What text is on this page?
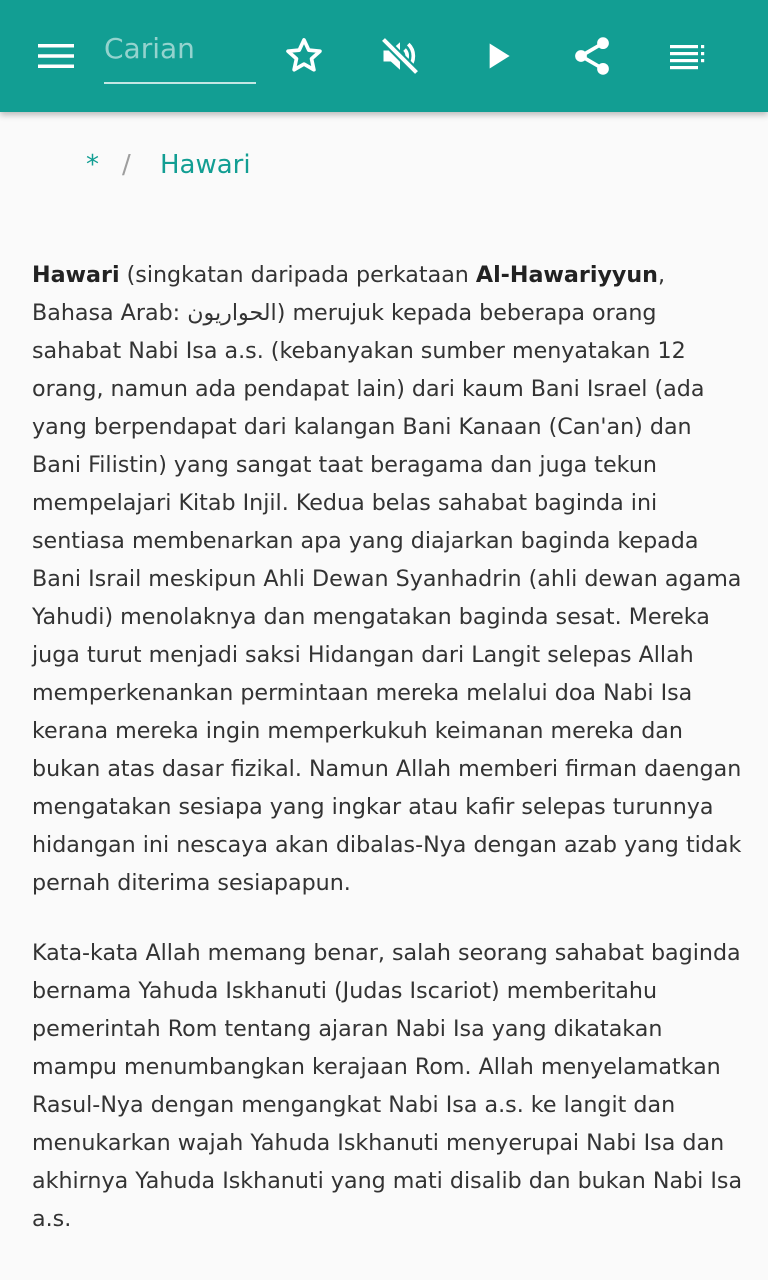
Carian
* / Hawari

Hawari (singkatan daripada perkataan Al-Hawariyyun, Bahasa Arab: الحواريون) merujuk kepada beberapa orang sahabat Nabi Isa a.s. (kebanyakan sumber menyatakan 12 orang, namun ada pendapat lain) dari kaum Bani Israel (ada yang berpendapat dari kalangan Bani Kanaan (Can'an) dan Bani Filistin) yang sangat taat beragama dan juga tekun mempelajari Kitab Injil. Kedua belas sahabat baginda ini sentiasa membenarkan apa yang diajarkan baginda kepada Bani Israil meskipun Ahli Dewan Syanhadrin (ahli dewan agama Yahudi) menolaknya dan mengatakan baginda sesat. Mereka juga turut menjadi saksi Hidangan dari Langit selepas Allah memperkenankan permintaan mereka melalui doa Nabi Isa kerana mereka ingin memperkukuh keimanan mereka dan bukan atas dasar fizikal. Namun Allah memberi firman daengan mengatakan sesiapa yang ingkar atau kafir selepas turunnya hidangan ini nescaya akan dibalas-Nya dengan azab yang tidak pernah diterima sesiapapun.

Kata-kata Allah memang benar, salah seorang sahabat baginda bernama Yahuda Iskhanuti (Judas Iscariot) memberitahu pemerintah Rom tentang ajaran Nabi Isa yang dikatakan mampu menumbangkan kerajaan Rom. Allah menyelamatkan Rasul-Nya dengan mengangkat Nabi Isa a.s. ke langit dan menukarkan wajah Yahuda Iskhanuti menyerupai Nabi Isa dan akhirnya Yahuda Iskhanuti yang mati disalib dan bukan Nabi Isa a.s.
